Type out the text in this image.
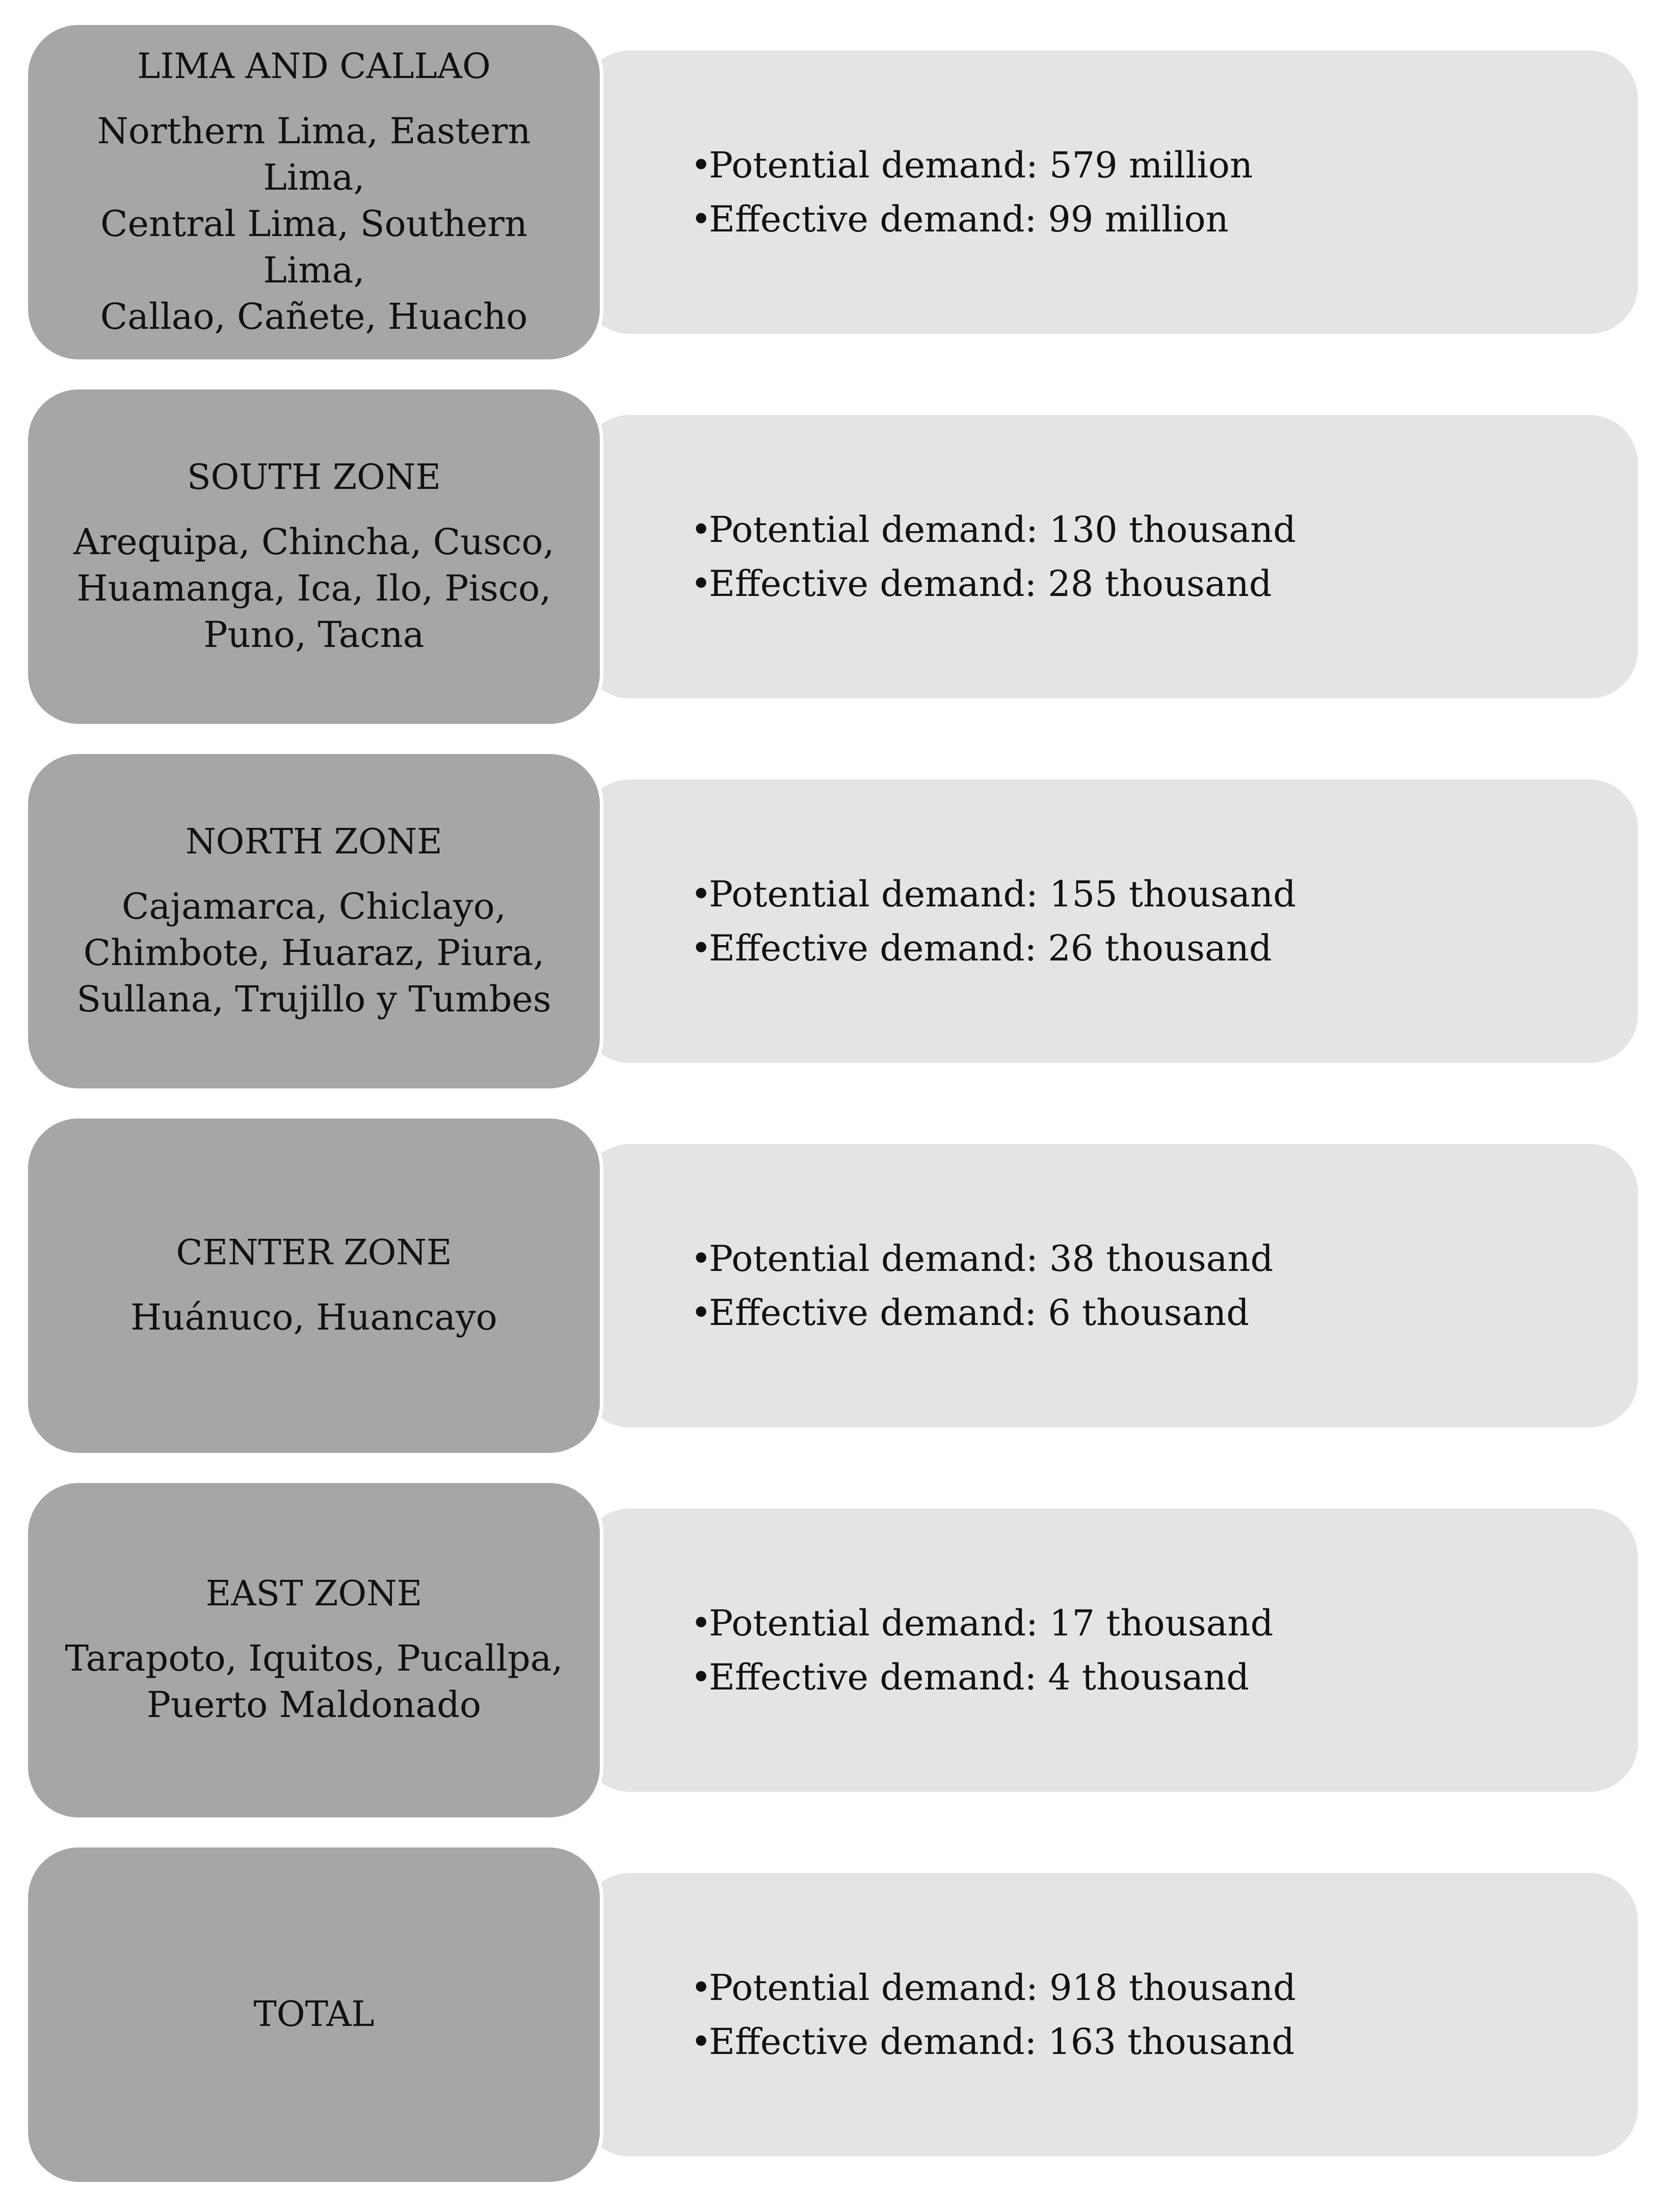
•Potential demand: 579 million
•Effective demand: 99 million
LIMA AND CALLAO
Northern Lima, Eastern Lima,
Central Lima, Southern Lima,
Callao, Cañete, Huacho
•Potential demand: 130 thousand
•Effective demand: 28 thousand
SOUTH ZONE
Arequipa, Chincha, Cusco,
Huamanga, Ica, Ilo, Pisco,
Puno, Tacna
•Potential demand: 155 thousand
•Effective demand: 26 thousand
NORTH ZONE
Cajamarca, Chiclayo,
Chimbote, Huaraz, Piura,
Sullana, Trujillo y Tumbes
•Potential demand: 38 thousand
•Effective demand: 6 thousand
CENTER ZONE
Huánuco, Huancayo
•Potential demand: 17 thousand
•Effective demand: 4 thousand
EAST ZONE
Tarapoto, Iquitos, Pucallpa,
Puerto Maldonado
•Potential demand: 918 thousand
•Effective demand: 163 thousand
TOTAL
